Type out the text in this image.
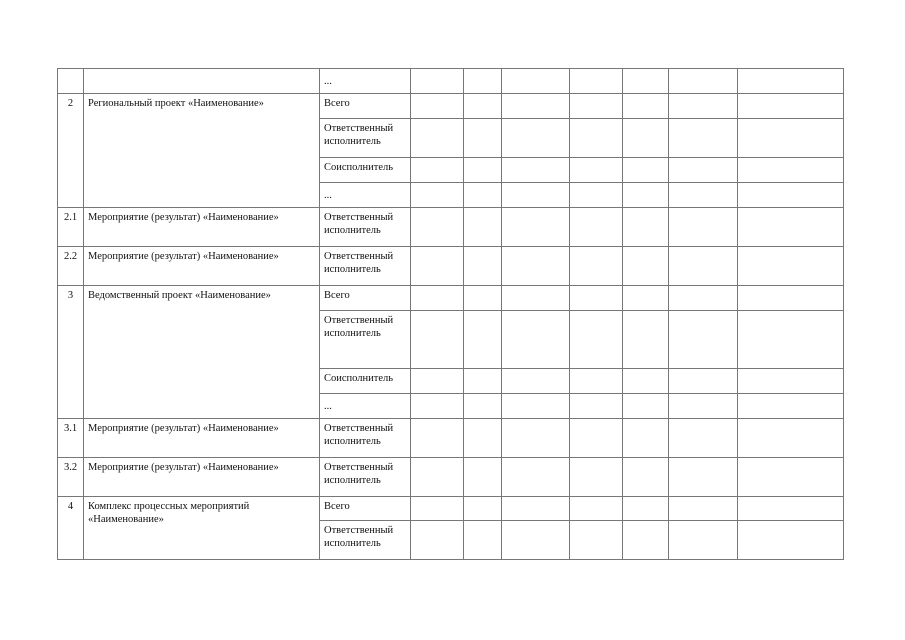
		...							
2	Региональный проект «Наименование»	Всего							
		Ответственный исполнитель							
		Соисполнитель							
		...							
2.1	Мероприятие (результат) «Наименование»	Ответственный исполнитель							
2.2	Мероприятие (результат) «Наименование»	Ответственный исполнитель							
3	Ведомственный проект «Наименование»	Всего							
		Ответственный исполнитель							
		Соисполнитель							
		...							
3.1	Мероприятие (результат) «Наименование»	Ответственный исполнитель							
3.2	Мероприятие (результат) «Наименование»	Ответственный исполнитель							
4	Комплекс процессных мероприятий «Наименование»	Всего							
		Ответственный исполнитель							
